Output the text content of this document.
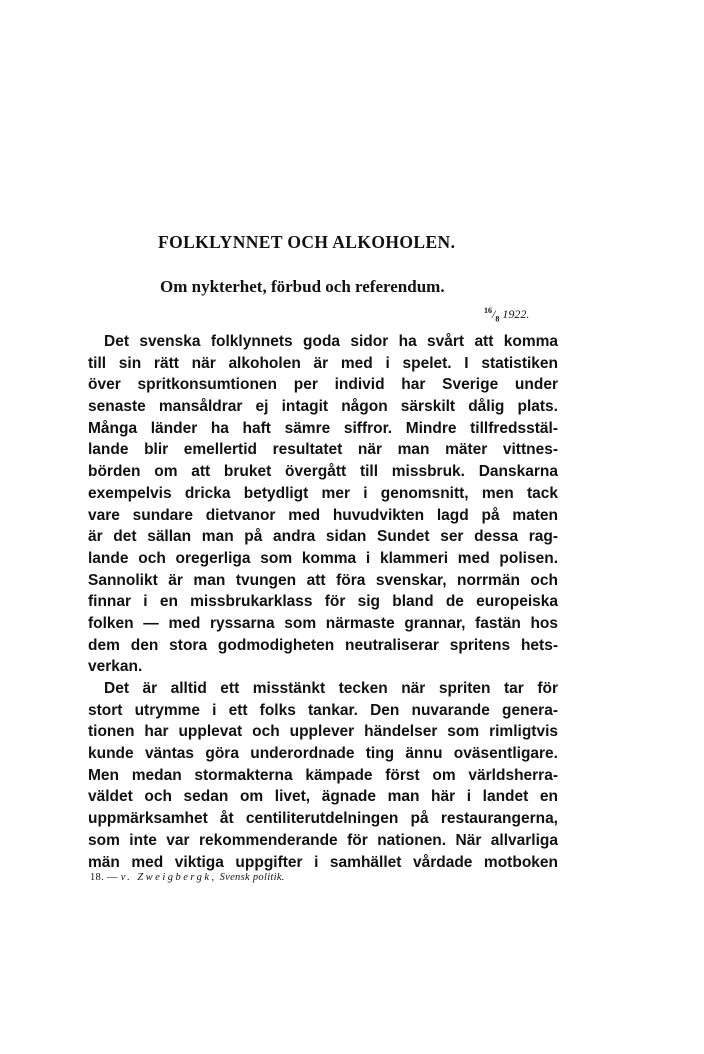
FOLKLYNNET OCH ALKOHOLEN.
Om nykterhet, förbud och referendum.
$^{16}/_8$ 1922.
Det svenska folklynnets goda sidor ha svårt att komma
till sin rätt när alkoholen är med i spelet. I statistiken
över spritkonsumtionen per individ har Sverige under
senaste mansåldrar ej intagit någon särskilt dålig plats.
Många länder ha haft sämre siffror. Mindre tillfredsstäl-
lande blir emellertid resultatet när man mäter vittnes-
börden om att bruket övergått till missbruk. Danskarna
exempelvis dricka betydligt mer i genomsnitt, men tack
vare sundare dietvanor med huvudvikten lagd på maten
är det sällan man på andra sidan Sundet ser dessa rag-
lande och oregerliga som komma i klammeri med polisen.
Sannolikt är man tvungen att föra svenskar, norrmän och
finnar i en missbrukarklass för sig bland de europeiska
folken — med ryssarna som närmaste grannar, fastän hos
dem den stora godmodigheten neutraliserar spritens hets-
verkan.
Det är alltid ett misstänkt tecken när spriten tar för
stort utrymme i ett folks tankar. Den nuvarande genera-
tionen har upplevat och upplever händelser som rimligtvis
kunde väntas göra underordnade ting ännu oväsentligare.
Men medan stormakterna kämpade först om världsherra-
väldet och sedan om livet, ägnade man här i landet en
uppmärksamhet åt centiliterutdelningen på restaurangerna,
som inte var rekommenderande för nationen. När allvarliga
män med viktiga uppgifter i samhället vårdade motboken
18. — v. Zweigbergk, Svensk politik.
